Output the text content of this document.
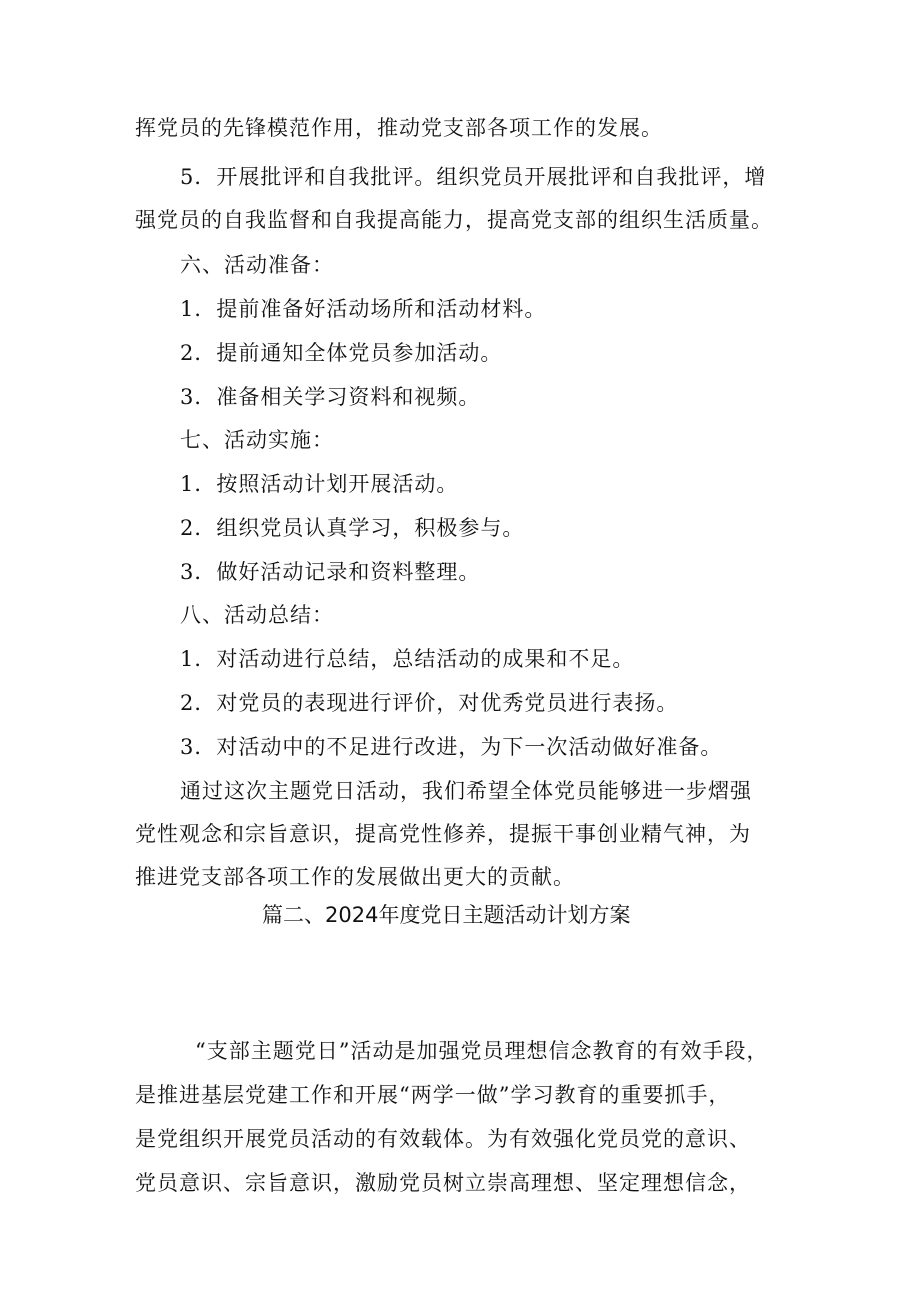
挥党员的先锋模范作用，推动党支部各项工作的发展。
5．开展批评和自我批评。组织党员开展批评和自我批评，增
强党员的自我监督和自我提高能力，提高党支部的组织生活质量。
六、活动准备：
1．提前准备好活动场所和活动材料。
2．提前通知全体党员参加活动。
3．准备相关学习资料和视频。
七、活动实施：
1．按照活动计划开展活动。
2．组织党员认真学习，积极参与。
3．做好活动记录和资料整理。
八、活动总结：
1．对活动进行总结，总结活动的成果和不足。
2．对党员的表现进行评价，对优秀党员进行表扬。
3．对活动中的不足进行改进，为下一次活动做好准备。
通过这次主题党日活动，我们希望全体党员能够进一步熠强
党性观念和宗旨意识，提高党性修养，提振干事创业精气神，为
推进党支部各项工作的发展做出更大的贡献。
篇二、2024年度党日主题活动计划方案
“支部主题党日”活动是加强党员理想信念教育的有效手段，
是推进基层党建工作和开展“两学一做”学习教育的重要抓手，
是党组织开展党员活动的有效载体。为有效强化党员党的意识、
党员意识、宗旨意识，激励党员树立崇高理想、坚定理想信念，
